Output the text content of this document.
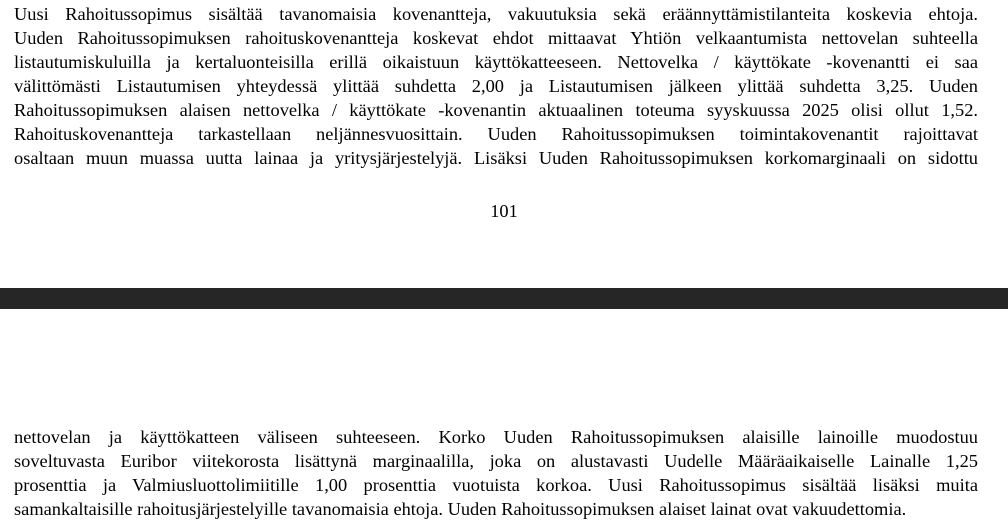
Uusi Rahoitussopimus sisältää tavanomaisia kovenantteja, vakuutuksia sekä eräännyttämistilanteita koskevia ehtoja.
Uuden Rahoitussopimuksen rahoituskovenantteja koskevat ehdot mittaavat Yhtiön velkaantumista nettovelan suhteella
listautumiskuluilla ja kertaluonteisilla erillä oikaistuun käyttökatteeseen. Nettovelka / käyttökate -kovenantti ei saa
välittömästi Listautumisen yhteydessä ylittää suhdetta 2,00 ja Listautumisen jälkeen ylittää suhdetta 3,25. Uuden
Rahoitussopimuksen alaisen nettovelka / käyttökate -kovenantin aktuaalinen toteuma syyskuussa 2025 olisi ollut 1,52.
Rahoituskovenantteja tarkastellaan neljännesvuosittain. Uuden Rahoitussopimuksen toimintakovenantit rajoittavat
osaltaan muun muassa uutta lainaa ja yritysjärjestelyjä. Lisäksi Uuden Rahoitussopimuksen korkomarginaali on sidottu
101
nettovelan ja käyttökatteen väliseen suhteeseen. Korko Uuden Rahoitussopimuksen alaisille lainoille muodostuu
soveltuvasta Euribor viitekorosta lisättynä marginaalilla, joka on alustavasti Uudelle Määräaikaiselle Lainalle 1,25
prosenttia ja Valmiusluottolimiitille 1,00 prosenttia vuotuista korkoa. Uusi Rahoitussopimus sisältää lisäksi muita
samankaltaisille rahoitusjärjestelyille tavanomaisia ehtoja. Uuden Rahoitussopimuksen alaiset lainat ovat vakuudettomia.
